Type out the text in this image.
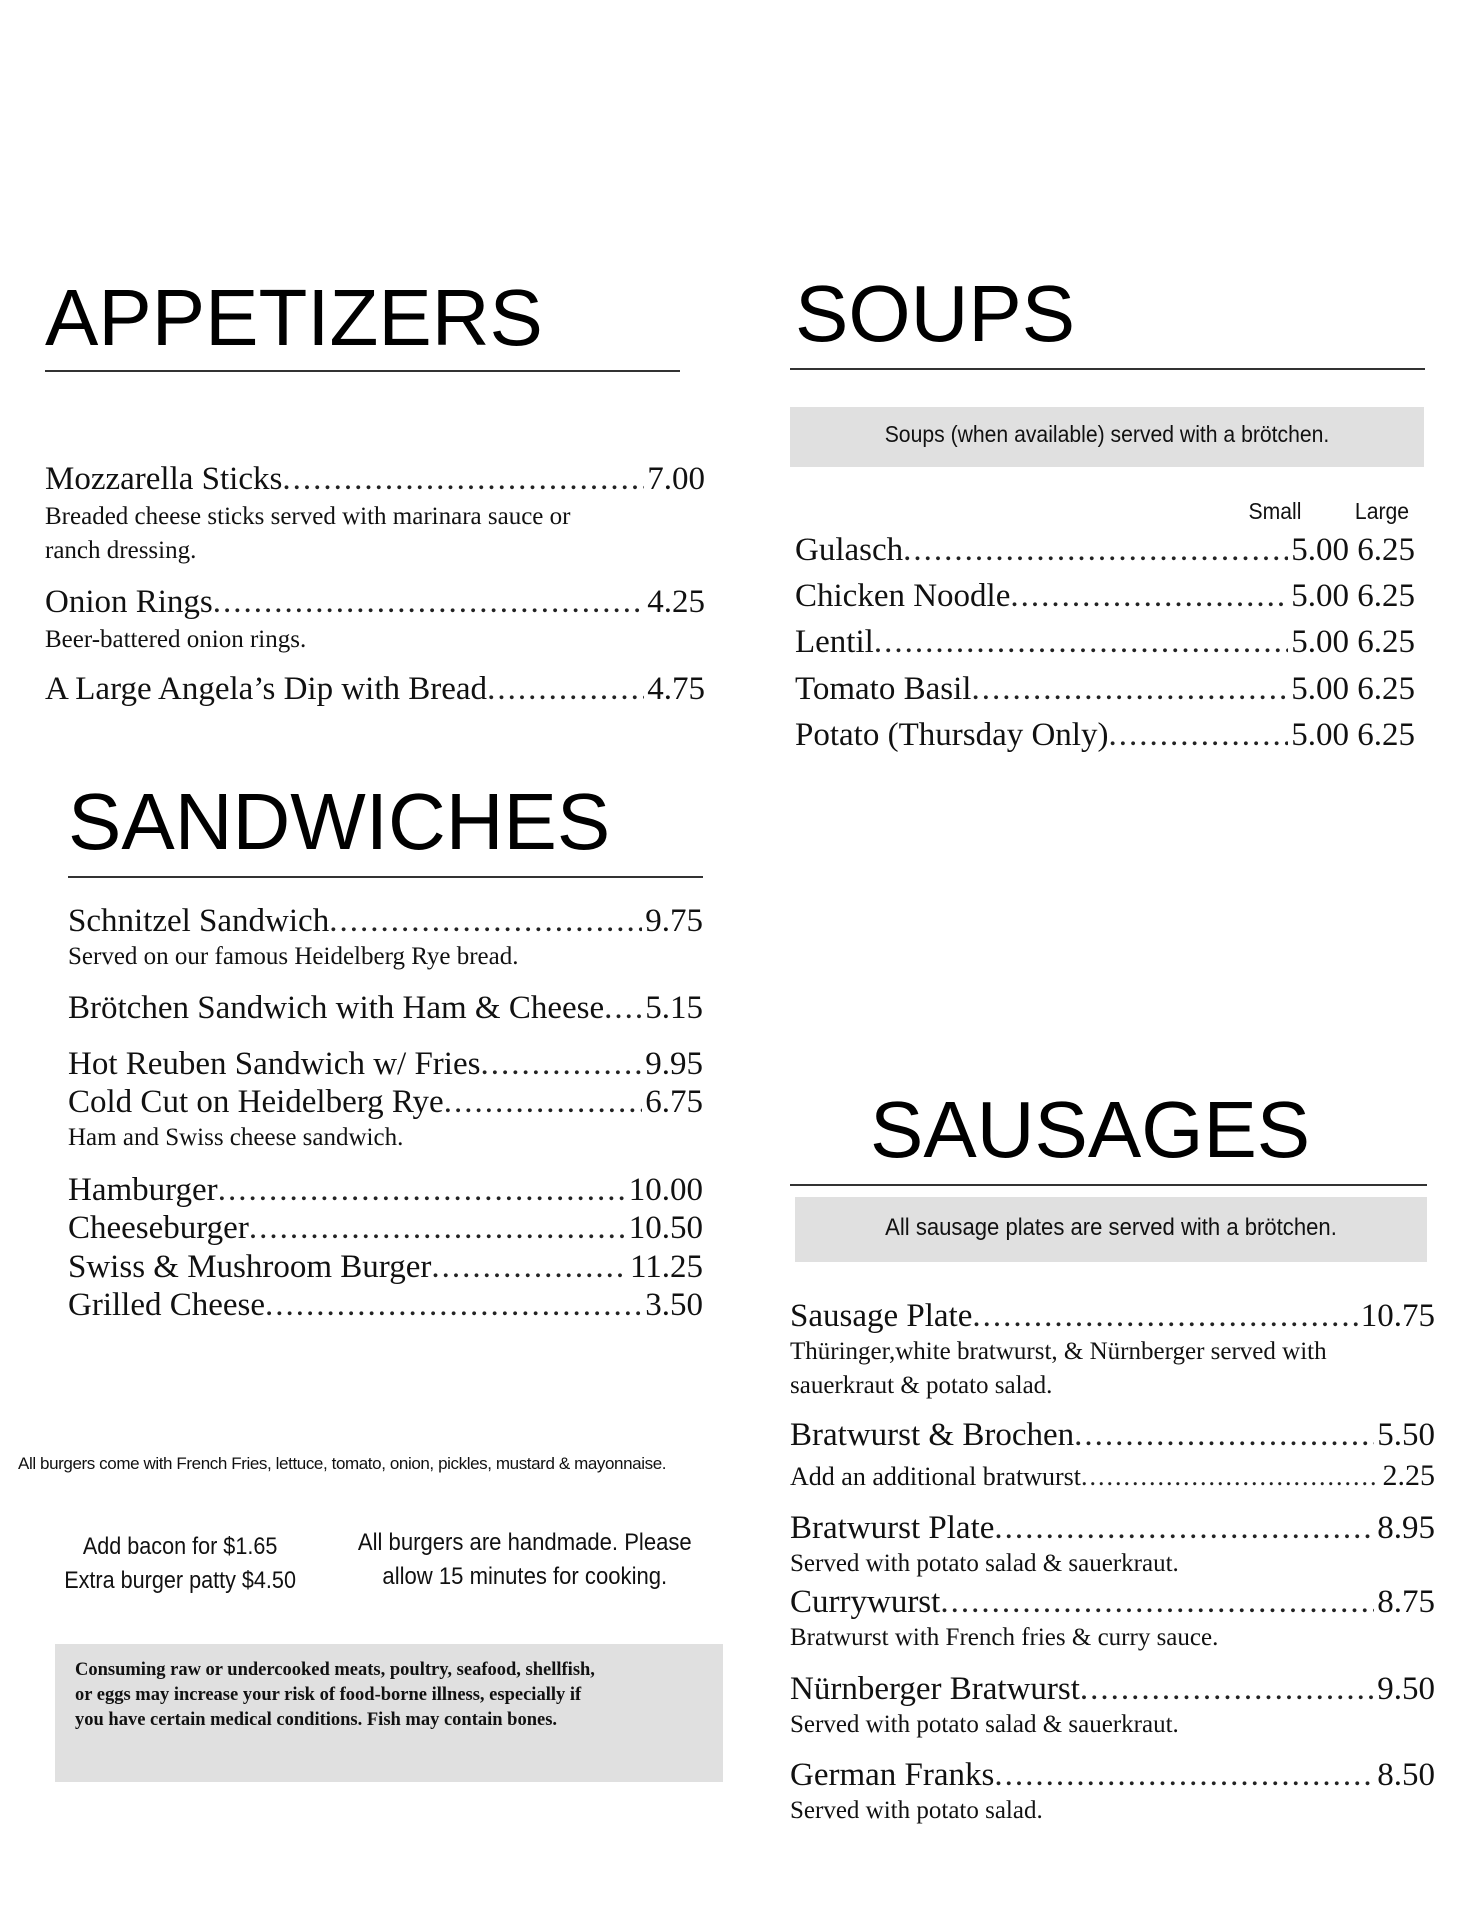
APPETIZERS
Mozzarella Sticks .....	7.00
Breaded cheese sticks served with marinara sauce or
ranch dressing.
Onion Rings .....	4.25
Beer-battered onion rings.
A Large Angela’s Dip with Bread .....	4.75
SANDWICHES
Schnitzel Sandwich .....	9.75
Served on our famous Heidelberg Rye bread.
Brötchen Sandwich with Ham & Cheese ..... 5.15
Hot Reuben Sandwich w/ Fries .....	9.95
Cold Cut on Heidelberg Rye .....	6.75
Ham and Swiss cheese sandwich.
Hamburger .....	10.00
Cheeseburger .....	10.50
Swiss & Mushroom Burger .....	11.25
Grilled Cheese .....	3.50
All burgers come with French Fries, lettuce, tomato, onion, pickles, mustard & mayonnaise.
Add bacon for $1.65
Extra burger patty $4.50
All burgers are handmade. Please
allow 15 minutes for cooking.
Consuming raw or undercooked meats, poultry, seafood, shellfish,
or eggs may increase your risk of food-borne illness, especially if
you have certain medical conditions. Fish may contain bones.
SOUPS
Soups (when available) served with a brötchen.
Small	Large
Gulasch .....	5.00 6.25
Chicken Noodle .....	5.00 6.25
Lentil .....	5.00 6.25
Tomato Basil .....	5.00 6.25
Potato (Thursday Only) .....	5.00 6.25
SAUSAGES
All sausage plates are served with a brötchen.
Sausage Plate .....	10.75
Thüringer,white bratwurst, & Nürnberger served with
sauerkraut & potato salad.
Bratwurst & Brochen .....	5.50
Add an additional bratwurst .....	2.25
Bratwurst Plate .....	8.95
Served with potato salad & sauerkraut.
Currywurst .....	8.75
Bratwurst with French fries & curry sauce.
Nürnberger Bratwurst .....	9.50
Served with potato salad & sauerkraut.
German Franks .....	8.50
Served with potato salad.
